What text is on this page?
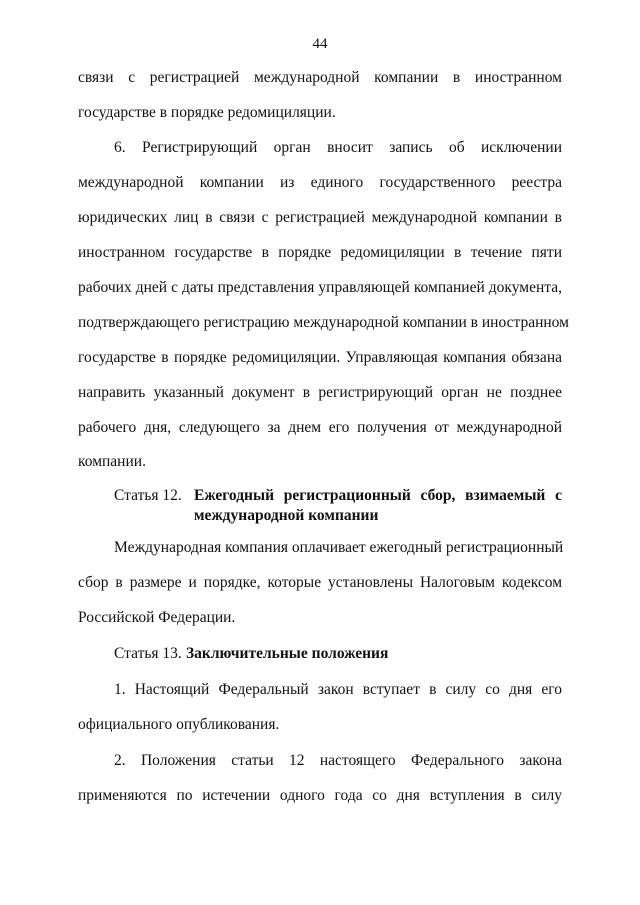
44
связи с регистрацией международной компании в иностранном
государстве в порядке редомициляции.
6. Регистрирующий орган вносит запись об исключении
международной компании из единого государственного реестра
юридических лиц в связи с регистрацией международной компании в
иностранном государстве в порядке редомициляции в течение пяти
рабочих дней с даты представления управляющей компанией документа,
подтверждающего регистрацию международной компании в иностранном
государстве в порядке редомициляции. Управляющая компания обязана
направить указанный документ в регистрирующий орган не позднее
рабочего дня, следующего за днем его получения от международной
компании.
Статья 12. Ежегодный регистрационный сбор, взимаемый с
международной компании
Международная компания оплачивает ежегодный регистрационный
сбор в размере и порядке, которые установлены Налоговым кодексом
Российской Федерации.
Статья 13. Заключительные положения
1. Настоящий Федеральный закон вступает в силу со дня его
официального опубликования.
2. Положения статьи 12 настоящего Федерального закона
применяются по истечении одного года со дня вступления в силу
